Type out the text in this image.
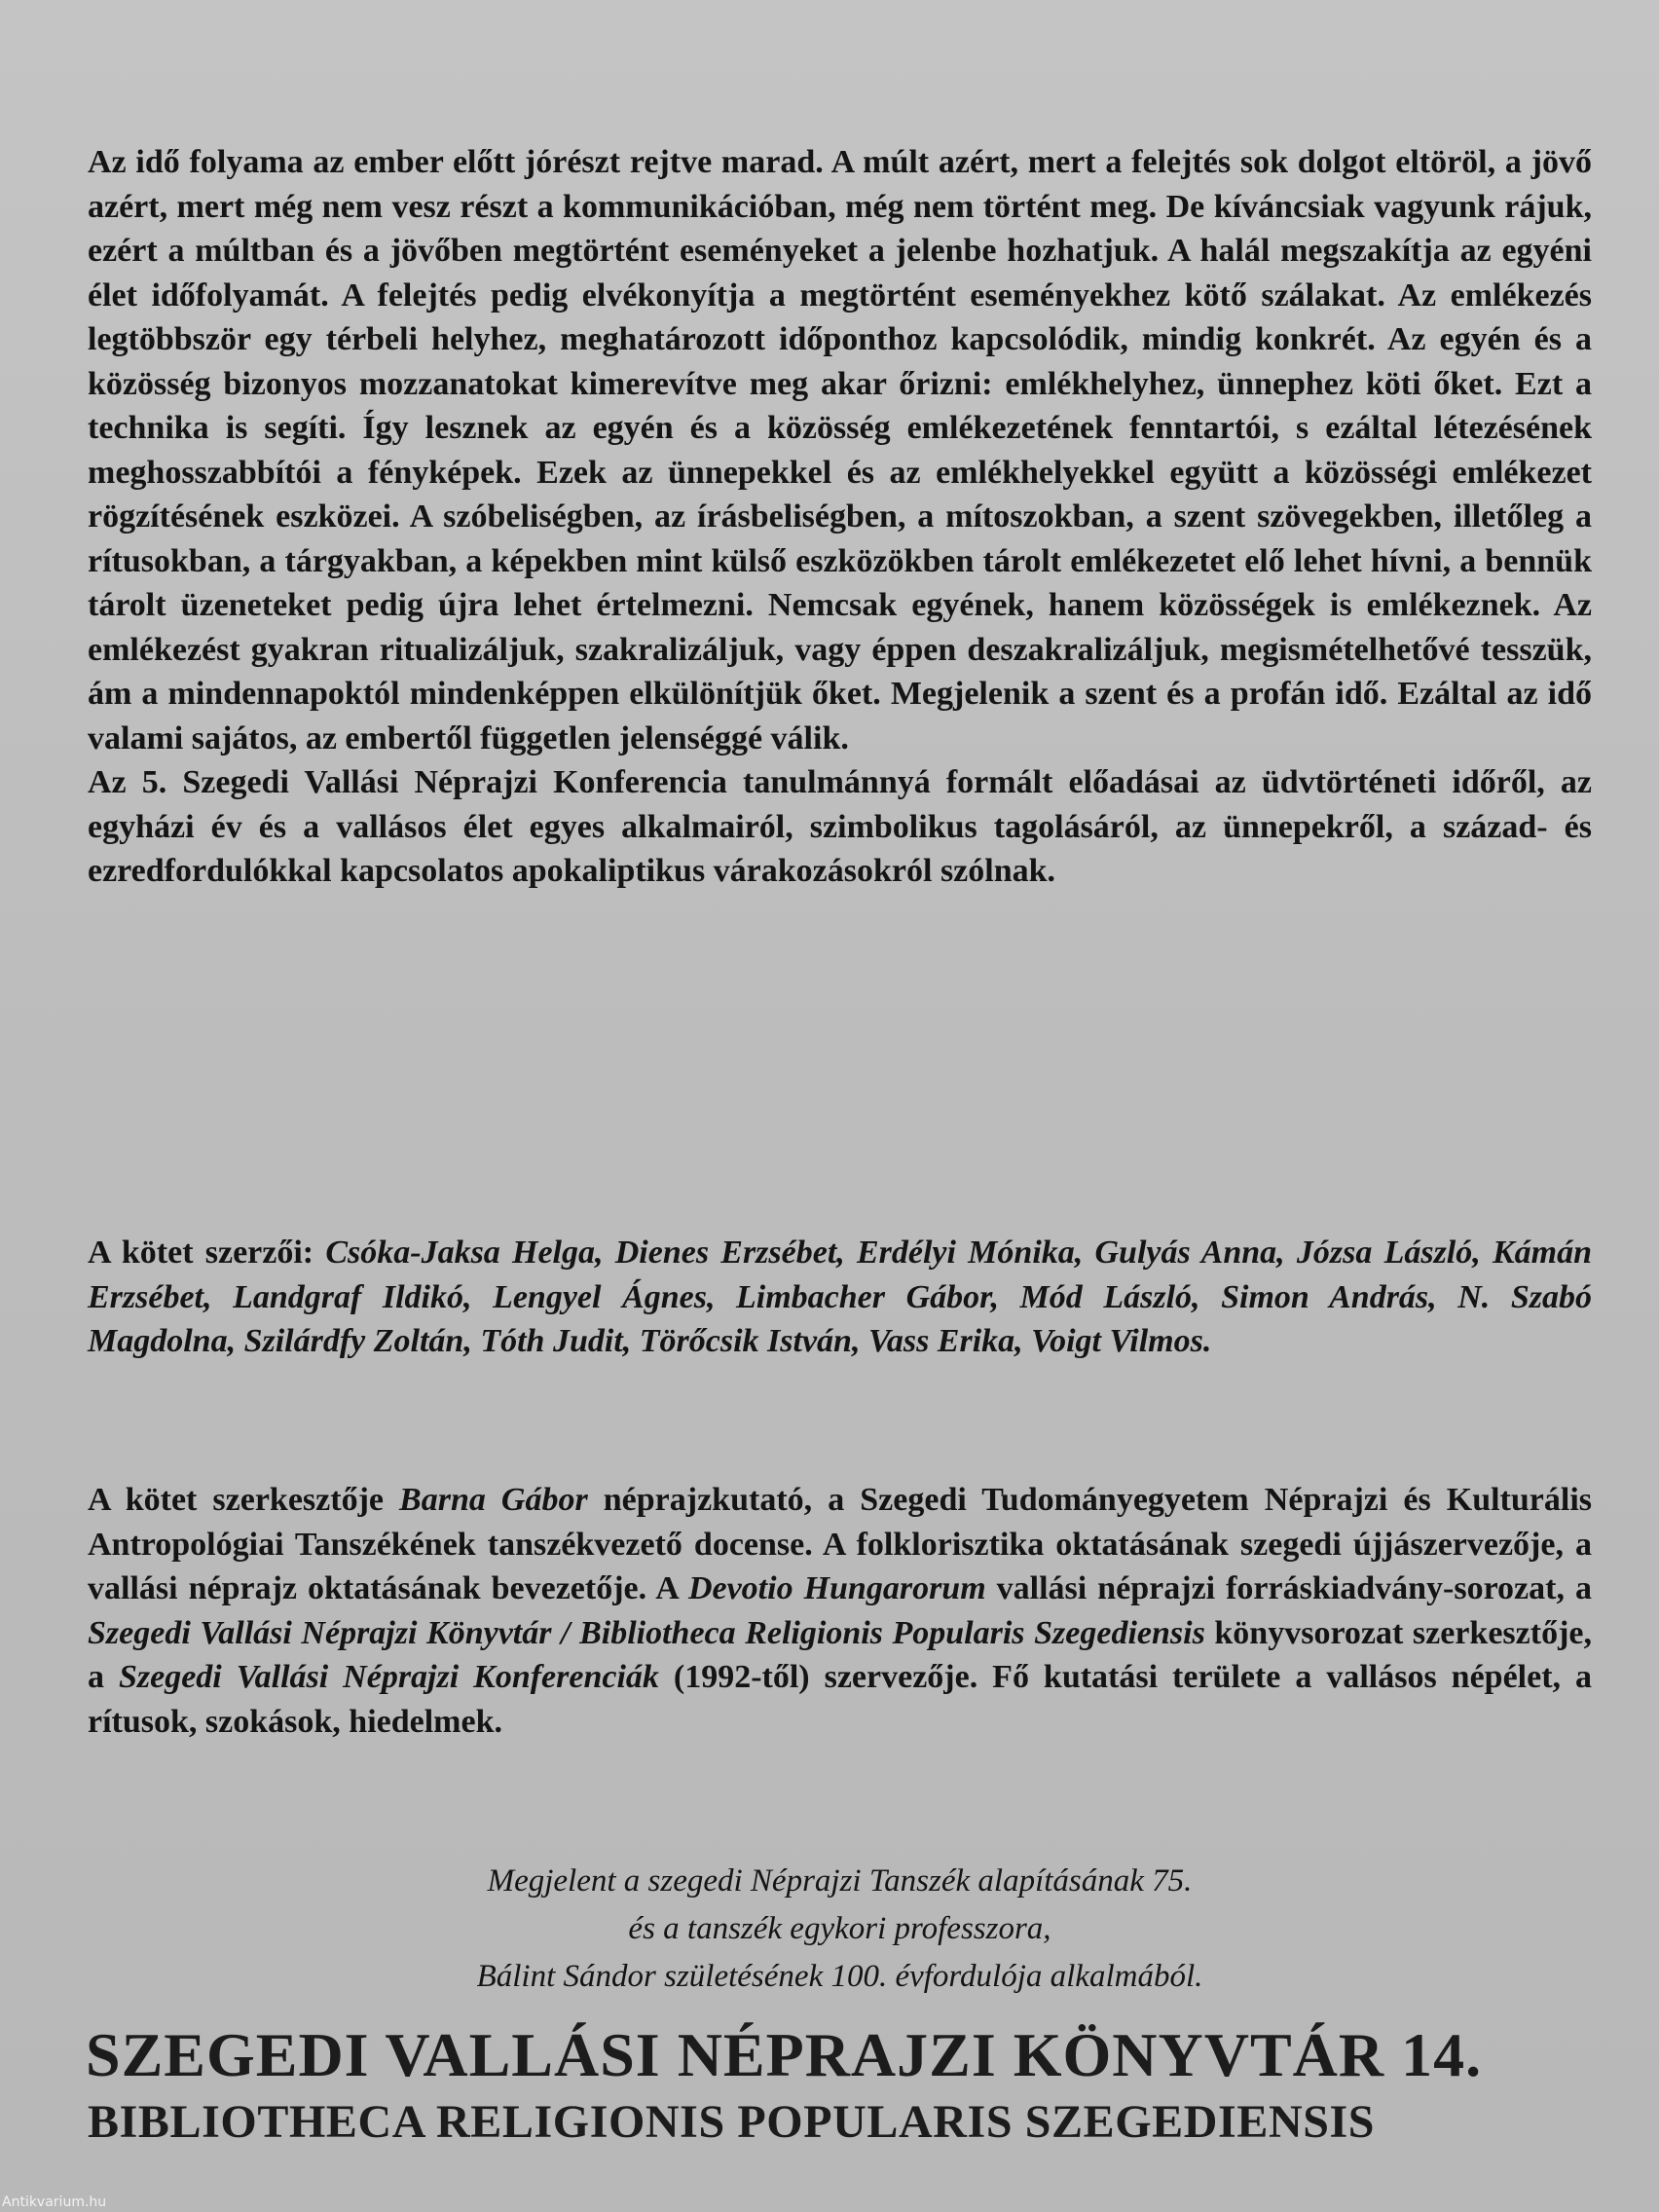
Az idő folyama az ember előtt jórészt rejtve marad. A múlt azért, mert a felejtés sok dolgot eltöröl, a jövő azért, mert még nem vesz részt a kommunikációban, még nem történt meg. De kíváncsiak vagyunk rájuk, ezért a múltban és a jövőben megtörtént eseményeket a jelenbe hozhatjuk. A halál megszakítja az egyéni élet időfolyamát. A felejtés pedig elvékonyítja a megtörtént eseményekhez kötő szálakat. Az emlékezés legtöbbször egy térbeli helyhez, meghatározott időponthoz kapcsolódik, mindig konkrét. Az egyén és a közösség bizonyos mozzanatokat kimerevítve meg akar őrizni: emlékhelyhez, ünnephez köti őket. Ezt a technika is segíti. Így lesznek az egyén és a közösség emlékezetének fenntartói, s ezáltal létezésének meghosszabbítói a fényképek. Ezek az ünnepekkel és az emlékhelyekkel együtt a közösségi emlékezet rögzítésének eszközei. A szóbeliségben, az írásbeliségben, a mítoszokban, a szent szövegekben, illetőleg a rítusokban, a tárgyakban, a képekben mint külső eszközökben tárolt emlékezetet elő lehet hívni, a bennük tárolt üzeneteket pedig újra lehet értelmezni. Nemcsak egyének, hanem közösségek is emlékeznek. Az emlékezést gyakran ritualizáljuk, szakralizáljuk, vagy éppen deszakralizáljuk, megismételhetővé tesszük, ám a mindennapoktól mindenképpen elkülönítjük őket. Megjelenik a szent és a profán idő. Ezáltal az idő valami sajátos, az embertől független jelenséggé válik.

Az 5. Szegedi Vallási Néprajzi Konferencia tanulmánnyá formált előadásai az üdvtörténeti időről, az egyházi év és a vallásos élet egyes alkalmairól, szimbolikus tagolásáról, az ünnepekről, a század- és ezredfordulókkal kapcsolatos apokaliptikus várakozásokról szólnak.

A kötet szerzői: Csóka-Jaksa Helga, Dienes Erzsébet, Erdélyi Mónika, Gulyás Anna, Józsa László, Kámán Erzsébet, Landgraf Ildikó, Lengyel Ágnes, Limbacher Gábor, Mód László, Simon András, N. Szabó Magdolna, Szilárdfy Zoltán, Tóth Judit, Törőcsik István, Vass Erika, Voigt Vilmos.

A kötet szerkesztője Barna Gábor néprajzkutató, a Szegedi Tudományegyetem Néprajzi és Kulturális Antropológiai Tanszékének tanszékvezető docense. A folklorisztika oktatásának szegedi újjászervezője, a vallási néprajz oktatásának bevezetője. A Devotio Hungarorum vallási néprajzi forráskiadvány-sorozat, a Szegedi Vallási Néprajzi Könyvtár / Bibliotheca Religionis Popularis Szegediensis könyvsorozat szerkesztője, a Szegedi Vallási Néprajzi Konferenciák (1992-től) szervezője. Fő kutatási területe a vallásos népélet, a rítusok, szokások, hiedelmek.

Megjelent a szegedi Néprajzi Tanszék alapításának 75.
és a tanszék egykori professzora,
Bálint Sándor születésének 100. évfordulója alkalmából.
SZEGEDI VALLÁSI NÉPRAJZI KÖNYVTÁR 14.
BIBLIOTHECA RELIGIONIS POPULARIS SZEGEDIENSIS
Antikvarium.hu
